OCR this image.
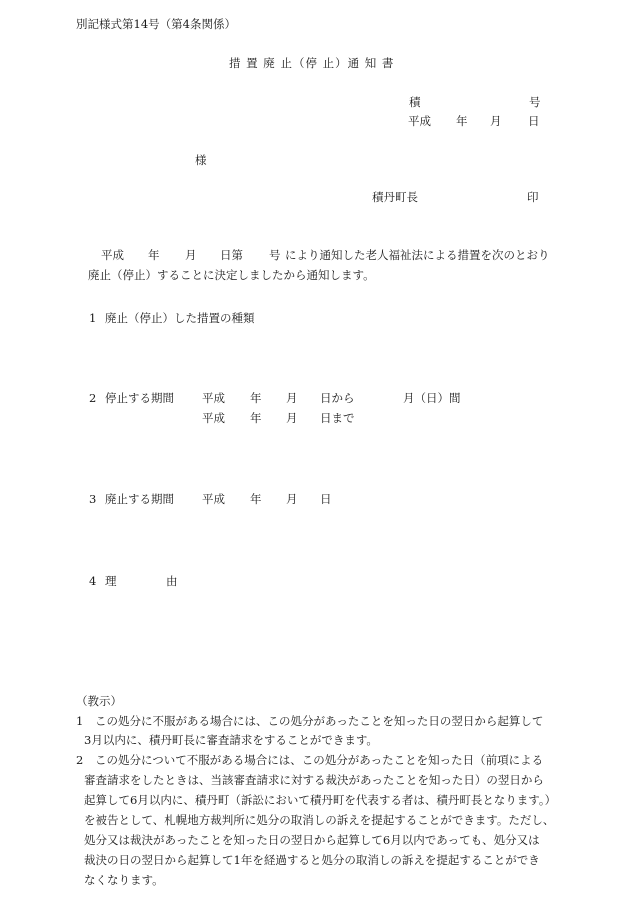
別記様式第14号（第4条関係）
措 置 廃 止（停 止）通 知 書
積	号
平成 年 月 日
様
積丹町長	印
平成 年 月 日第 号 により通知した老人福祉法による措置を次のとおり
廃止（停止）することに決定しましたから通知します。
1 廃止（停止）した措置の種類
2 停止する期間 平成 年 月 日から	月（日）間
平成 年 月 日まで
3 廃止する期間 平成 年 月 日
4 理	由
（教示）
1 この処分に不服がある場合には、この処分があったことを知った日の翌日から起算して
3月以内に、積丹町長に審査請求をすることができます。
2 この処分について不服がある場合には、この処分があったことを知った日（前項による
審査請求をしたときは、当該審査請求に対する裁決があったことを知った日）の翌日から
起算して6月以内に、積丹町（訴訟において積丹町を代表する者は、積丹町長となります。）
を被告として、札幌地方裁判所に処分の取消しの訴えを提起することができます。ただし、
処分又は裁決があったことを知った日の翌日から起算して6月以内であっても、処分又は
裁決の日の翌日から起算して1年を経過すると処分の取消しの訴えを提起することができ
なくなります。
